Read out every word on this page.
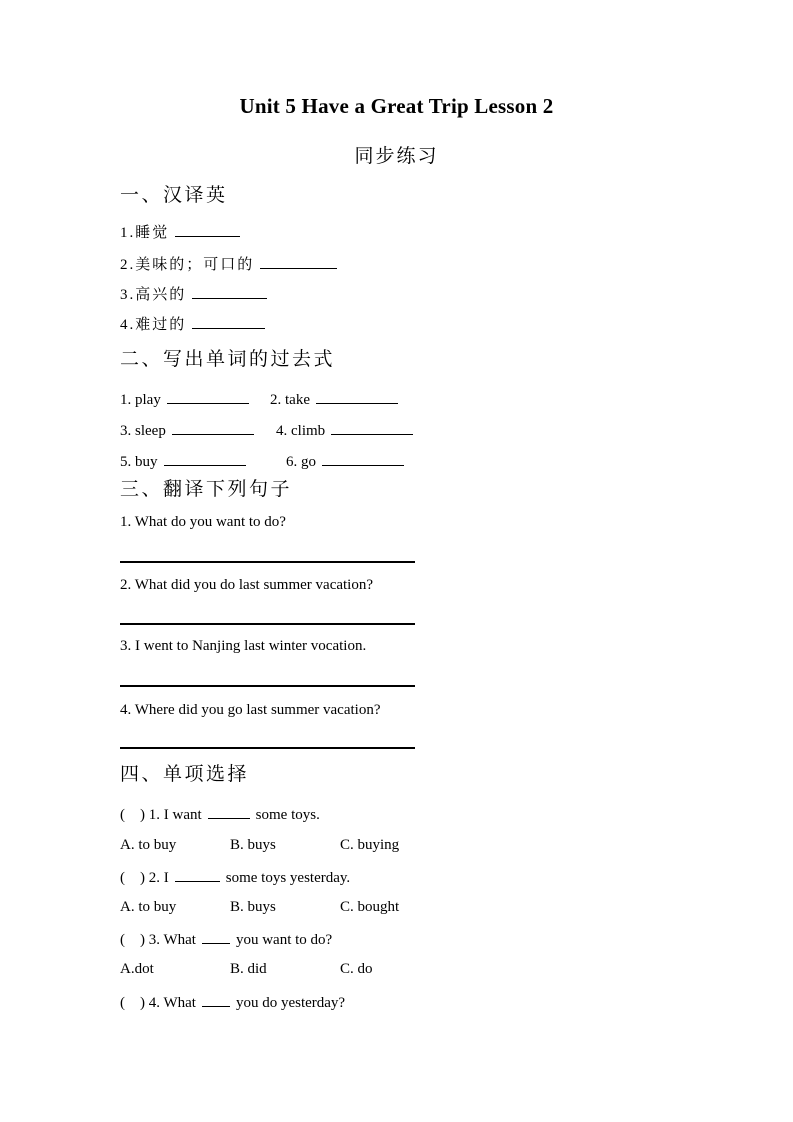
Unit 5 Have a Great Trip Lesson 2
同步练习
一、汉译英
1.睡觉
2.美味的；可口的
3.高兴的
4.难过的
二、写出单词的过去式
1. play	2. take
3. sleep	4. climb
5. buy	6. go
三、翻译下列句子
1. What do you want to do?
2. What did you do last summer vacation?
3. I went to Nanjing last winter vocation.
4. Where did you go last summer vacation?
四、单项选择
(    ) 1. I want	some toys.
A. to buy	B. buys	C. buying
(    ) 2. I	some toys yesterday.
A. to buy	B. buys	C. bought
(    ) 3. What	you want to do?
A.dot	B. did	C. do
(    ) 4. What	you do yesterday?
